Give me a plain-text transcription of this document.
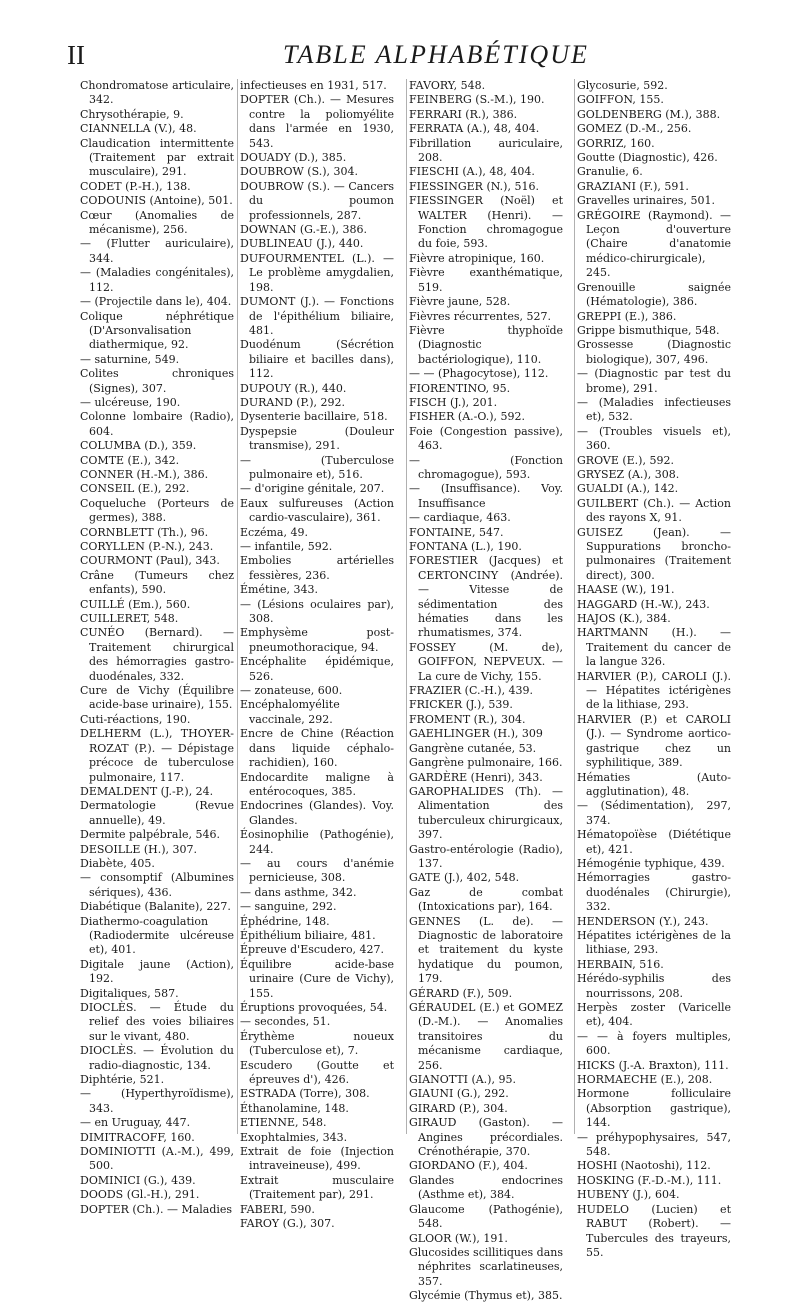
II	TABLE ALPHABÉTIQUE

Chondromatose articulaire, 342.

Chrysothérapie, 9.

CIANNELLA (V.), 48.

Claudication intermittente (Traitement par extrait musculaire), 291.

CODET (P.-H.), 138.

CODOUNIS (Antoine), 501.

Cœur (Anomalies de mécanisme), 256.

— (Flutter auriculaire), 344.

— (Maladies congénitales), 112.

— (Projectile dans le), 404.

Colique néphrétique (D'Arsonvalisation diathermique, 92.

— saturnine, 549.

Colites chroniques (Signes), 307.

— ulcéreuse, 190.

Colonne lombaire (Radio), 604.

COLUMBA (D.), 359.

COMTE (E.), 342.

CONNER (H.-M.), 386.

CONSEIL (E.), 292.

Coqueluche (Porteurs de germes), 388.

CORNBLETT (Th.), 96.

CORYLLEN (P.-N.), 243.

COURMONT (Paul), 343.

Crâne (Tumeurs chez enfants), 590.

CUILLÉ (Em.), 560.

CUILLERET, 548.

CUNÉO (Bernard). — Traitement chirurgical des hémorragies gastro-duodénales, 332.

Cure de Vichy (Équilibre acide-base urinaire), 155.

Cuti-réactions, 190.

DELHERM (L.), THOYER-ROZAT (P.). — Dépistage précoce de tuberculose pulmonaire, 117.

DEMALDENT (J.-P.), 24.

Dermatologie (Revue annuelle), 49.

Dermite palpébrale, 546.

DESOILLE (H.), 307.

Diabète, 405.

— consomptif (Albumines sériques), 436.

Diabétique (Balanite), 227.

Diathermo-coagulation (Radiodermite ulcéreuse et), 401.

Digitale jaune (Action), 192.

Digitaliques, 587.

DIOCLÈS. — Étude du relief des voies biliaires sur le vivant, 480.

DIOCLÈS. — Évolution du radio-diagnostic, 134.

Diphtérie, 521.

— (Hyperthyroïdisme), 343.

— en Uruguay, 447.

DIMITRACOFF, 160.

DOMINIOTTI (A.-M.), 499, 500.

DOMINICI (G.), 439.

DOODS (Gl.-H.), 291.

DOPTER (Ch.). — Maladies

infectieuses en 1931, 517.

DOPTER (Ch.). — Mesures contre la poliomyélite dans l'armée en 1930, 543.

DOUADY (D.), 385.

DOUBROW (S.), 304.

DOUBROW (S.). — Cancers du poumon professionnels, 287.

DOWNAN (G.-E.), 386.

DUBLINEAU (J.), 440.

DUFOURMENTEL (L.). — Le problème amygdalien, 198.

DUMONT (J.). — Fonctions de l'épithélium biliaire, 481.

Duodénum (Sécrétion biliaire et bacilles dans), 112.

DUPOUY (R.), 440.

DURAND (P.), 292.

Dysenterie bacillaire, 518.

Dyspepsie (Douleur transmise), 291.

— (Tuberculose pulmonaire et), 516.

— d'origine génitale, 207.

Eaux sulfureuses (Action cardio-vasculaire), 361.

Eczéma, 49.

— infantile, 592.

Embolies artérielles fessières, 236.

Émétine, 343.

— (Lésions oculaires par), 308.

Emphysème post-pneumothoracique, 94.

Encéphalite épidémique, 526.

— zonateuse, 600.

Encéphalomyélite vaccinale, 292.

Encre de Chine (Réaction dans liquide céphalo-rachidien), 160.

Endocardite maligne à entérocoques, 385.

Endocrines (Glandes). Voy. Glandes.

Éosinophilie (Pathogénie), 244.

— au cours d'anémie pernicieuse, 308.

— dans asthme, 342.

— sanguine, 292.

Éphédrine, 148.

Épithélium biliaire, 481.

Épreuve d'Escudero, 427.

Équilibre acide-base urinaire (Cure de Vichy), 155.

Éruptions provoquées, 54.

— secondes, 51.

Érythème noueux (Tuberculose et), 7.

Escudero (Goutte et épreuves d'), 426.

ESTRADA (Torre), 308.

Éthanolamine, 148.

ETIENNE, 548.

Exophtalmies, 343.

Extrait de foie (Injection intraveineuse), 499.

Extrait musculaire (Traitement par), 291.

FABERI, 590.

FAROY (G.), 307.

FAVORY, 548.

FEINBERG (S.-M.), 190.

FERRARI (R.), 386.

FERRATA (A.), 48, 404.

Fibrillation auriculaire, 208.

FIESCHI (A.), 48, 404.

FIESSINGER (N.), 516.

FIESSINGER (Noël) et WALTER (Henri). — Fonction chromagogue du foie, 593.

Fièvre atropinique, 160.

Fièvre exanthématique, 519.

Fièvre jaune, 528.

Fièvres récurrentes, 527.

Fièvre thyphoïde (Diagnostic bactériologique), 110.

— — (Phagocytose), 112.

FIORENTINO, 95.

FISCH (J.), 201.

FISHER (A.-O.), 592.

Foie (Congestion passive), 463.

— (Fonction chromagogue), 593.

— (Insuffisance). Voy. Insuffisance

— cardiaque, 463.

FONTAINE, 547.

FONTANA (L.), 190.

FORESTIER (Jacques) et CERTONCINY (Andrée). — Vitesse de sédimentation des hématies dans les rhumatismes, 374.

FOSSEY (M. de), GOIFFON, NEPVEUX. — La cure de Vichy, 155.

FRAZIER (C.-H.), 439.

FRICKER (J.), 539.

FROMENT (R.), 304.

GAEHLINGER (H.), 309

Gangrène cutanée, 53.

Gangrène pulmonaire, 166.

GARDÈRE (Henri), 343.

GAROPHALIDES (Th). — Alimentation des tuberculeux chirurgicaux, 397.

Gastro-entérologie (Radio), 137.

GATE (J.), 402, 548.

Gaz de combat (Intoxications par), 164.

GENNES (L. de). — Diagnostic de laboratoire et traitement du kyste hydatique du poumon, 179.

GÉRARD (F.), 509.

GÉRAUDEL (E.) et GOMEZ (D.-M.). — Anomalies transitoires du mécanisme cardiaque, 256.

GIANOTTI (A.), 95.

GIAUNI (G.), 292.

GIRARD (P.), 304.

GIRAUD (Gaston). — Angines précordiales. Crénothérapie, 370.

GIORDANO (F.), 404.

Glandes endocrines (Asthme et), 384.

Glaucome (Pathogénie), 548.

GLOOR (W.), 191.

Glucosides scillitiques dans néphrites scarlatineuses, 357.

Glycémie (Thymus et), 385.

Glycosurie, 592.

GOIFFON, 155.

GOLDENBERG (M.), 388.

GOMEZ (D.-M., 256.

GORRIZ, 160.

Goutte (Diagnostic), 426.

Granulie, 6.

GRAZIANI (F.), 591.

Gravelles urinaires, 501.

GRÉGOIRE (Raymond). — Leçon d'ouverture (Chaire d'anatomie médico-chirurgicale), 245.

Grenouille saignée (Hématologie), 386.

GREPPI (E.), 386.

Grippe bismuthique, 548.

Grossesse (Diagnostic biologique), 307, 496.

— (Diagnostic par test du brome), 291.

— (Maladies infectieuses et), 532.

— (Troubles visuels et), 360.

GROVE (E.), 592.

GRYSEZ (A.), 308.

GUALDI (A.), 142.

GUILBERT (Ch.). — Action des rayons X, 91.

GUISEZ (Jean). — Suppurations broncho-pulmonaires (Traitement direct), 300.

HAASE (W.), 191.

HAGGARD (H.-W.), 243.

HAJOS (K.), 384.

HARTMANN (H.). — Traitement du cancer de la langue 326.

HARVIER (P.), CAROLI (J.). — Hépatites ictérigènes de la lithiase, 293.

HARVIER (P.) et CAROLI (J.). — Syndrome aortico-gastrique chez un syphilitique, 389.

Hématies (Auto-agglutination), 48.

— (Sédimentation), 297, 374.

Hématopoïèse (Diététique et), 421.

Hémogénie typhique, 439.

Hémorragies gastro-duodénales (Chirurgie), 332.

HENDERSON (Y.), 243.

Hépatites ictérigènes de la lithiase, 293.

HERBAIN, 516.

Hérédo-syphilis des nourrissons, 208.

Herpès zoster (Varicelle et), 404.

— — à foyers multiples, 600.

HICKS (J.-A. Braxton), 111.

HORMAECHE (E.), 208.

Hormone folliculaire (Absorption gastrique), 144.

— préhypophysaires, 547, 548.

HOSHI (Naotoshi), 112.

HOSKING (F.-D.-M.), 111.

HUBENY (J.), 604.

HUDELO (Lucien) et RABUT (Robert). — Tubercules des trayeurs, 55.
